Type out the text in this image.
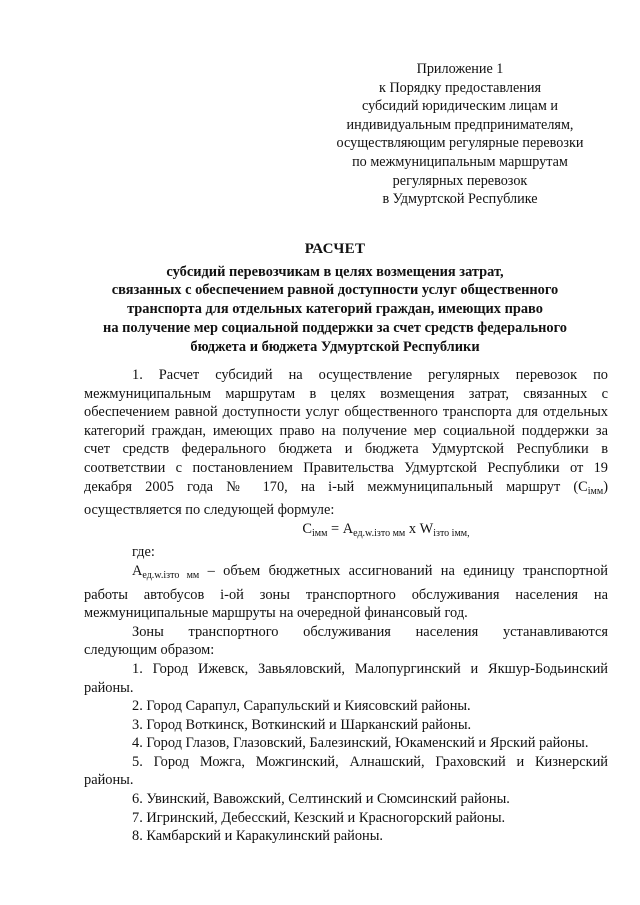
Приложение 1
к Порядку предоставления
субсидий юридическим лицам и
индивидуальным предпринимателям,
осуществляющим регулярные перевозки
по межмуниципальным маршрутам
регулярных перевозок
в Удмуртской Республике
РАСЧЕТ
субсидий перевозчикам в целях возмещения затрат,
связанных с обеспечением равной доступности услуг общественного
транспорта для отдельных категорий граждан, имеющих право
на получение мер социальной поддержки за счет средств федерального
бюджета и бюджета Удмуртской Республики

1. Расчет субсидий на осуществление регулярных перевозок по межмуниципальным маршрутам в целях возмещения затрат, связанных с обеспечением равной доступности услуг общественного транспорта для отдельных категорий граждан, имеющих право на получение мер социальной поддержки за счет средств федерального бюджета и бюджета Удмуртской Республики в соответствии с постановлением Правительства Удмуртской Республики от 19 декабря 2005 года № 170, на i-ый межмуниципальный маршрут $(С_{iмм})$ осуществляется по следующей формуле:

$С_{iмм} = А_{ед.w.iзто мм}$ х $W_{iзто iмм,}$

где:

$А_{ед.w.iзто мм}$ – объем бюджетных ассигнований на единицу транспортной работы автобусов i-ой зоны транспортного обслуживания населения на межмуниципальные маршруты на очередной финансовый год.

Зоны транспортного обслуживания населения устанавливаются

следующим образом:

1. Город Ижевск, Завьяловский, Малопургинский и Якшур-Бодьинский районы.

2. Город Сарапул, Сарапульский и Киясовский районы.

3. Город Воткинск, Воткинский и Шарканский районы.

4. Город Глазов, Глазовский, Балезинский, Юкаменский и Ярский районы.

5. Город Можга, Можгинский, Алнашский, Граховский и Кизнерский районы.

6. Увинский, Вавожский, Селтинский и Сюмсинский районы.

7. Игринский, Дебесский, Кезский и Красногорский районы.

8. Камбарский и Каракулинский районы.
